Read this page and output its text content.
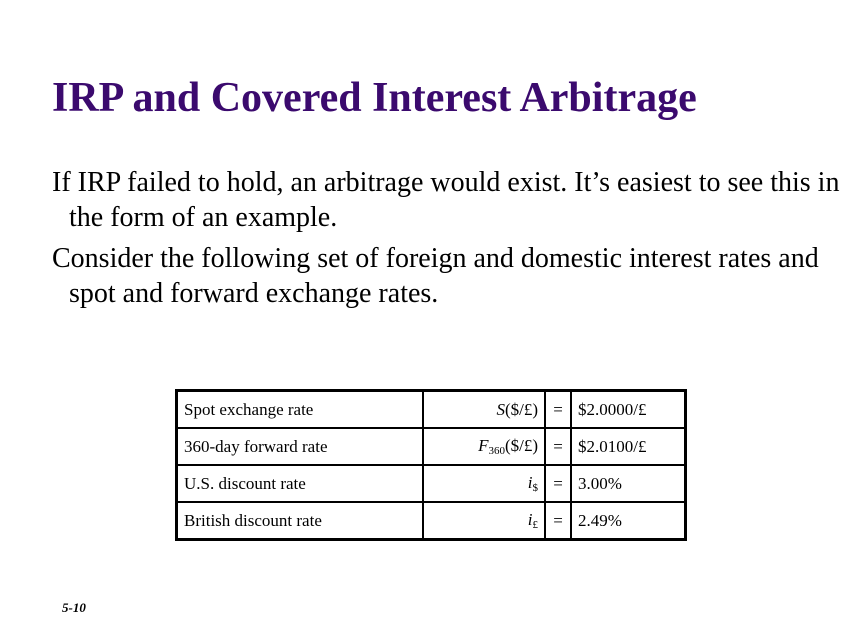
IRP and Covered Interest Arbitrage

If IRP failed to hold, an arbitrage would exist. It’s easiest to see this in the form of an example.

Consider the following set of foreign and domestic interest rates and spot and forward exchange rates.

Spot exchange rate	S($/£)	=	$2.0000/£
360-day forward rate	F360($/£)	=	$2.0100/£
U.S. discount rate	i$	=	3.00%
British discount rate	i£	=	2.49%
5-10
